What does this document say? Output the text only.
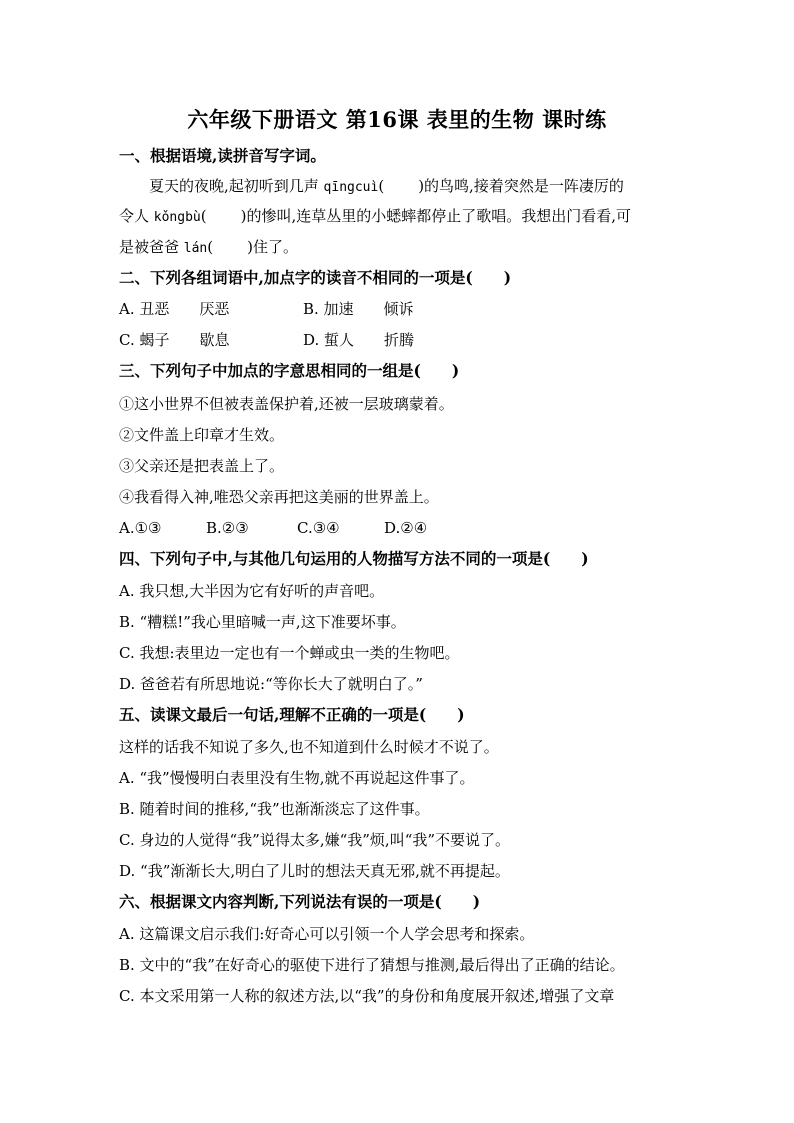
六年级下册语文 第16课 表里的生物 课时练
一、根据语境,读拼音写字词。
夏天的夜晚,起初听到几声 qīngcuì( )的鸟鸣,接着突然是一阵凄厉的
令人 kǒngbù( )的惨叫,连草丛里的小蟋蟀都停止了歌唱。我想出门看看,可
是被爸爸 lán( )住了。
二、下列各组词语中,加点字的读音不相同的一项是(　　)
A. 丑恶　　厌恶	B. 加速　　倾诉
C. 蝎子　　歇息	D. 蜇人　　折腾
三、下列句子中加点的字意思相同的一组是(　　)
①这小世界不但被表盖保护着,还被一层玻璃蒙着。
②文件盖上印章才生效。
③父亲还是把表盖上了。
④我看得入神,唯恐父亲再把这美丽的世界盖上。
A.①③	B.②③	C.③④	D.②④
四、下列句子中,与其他几句运用的人物描写方法不同的一项是(　　)
A. 我只想,大半因为它有好听的声音吧。
B. “糟糕!”我心里暗喊一声,这下准要坏事。
C. 我想:表里边一定也有一个蝉或虫一类的生物吧。
D. 爸爸若有所思地说:“等你长大了就明白了。”
五、读课文最后一句话,理解不正确的一项是(　　)
这样的话我不知说了多久,也不知道到什么时候才不说了。
A. “我”慢慢明白表里没有生物,就不再说起这件事了。
B. 随着时间的推移,“我”也渐渐淡忘了这件事。
C. 身边的人觉得“我”说得太多,嫌“我”烦,叫“我”不要说了。
D. “我”渐渐长大,明白了儿时的想法天真无邪,就不再提起。
六、根据课文内容判断,下列说法有误的一项是(　　)
A. 这篇课文启示我们:好奇心可以引领一个人学会思考和探索。
B. 文中的“我”在好奇心的驱使下进行了猜想与推测,最后得出了正确的结论。
C. 本文采用第一人称的叙述方法,以“我”的身份和角度展开叙述,增强了文章
